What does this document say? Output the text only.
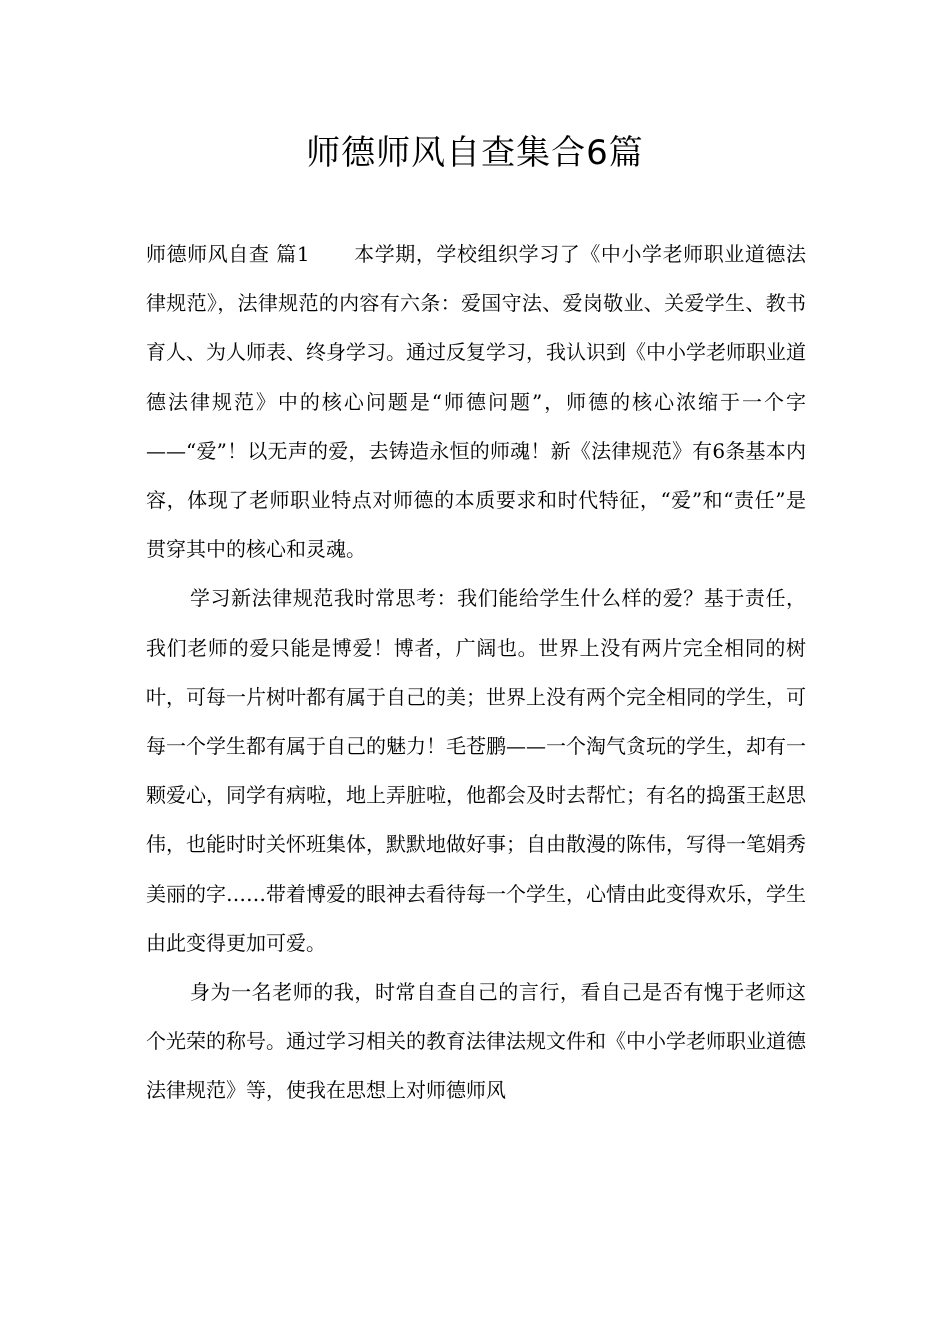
师德师风自查集合6篇

师德师风自查 篇1 本学期，学校组织学习了《中小学老师职业道德法律规范》，法律规范的内容有六条：爱国守法、爱岗敬业、关爱学生、教书育人、为人师表、终身学习。通过反复学习，我认识到《中小学老师职业道德法律规范》中的核心问题是“师德问题”，师德的核心浓缩于一个字——“爱”！以无声的爱，去铸造永恒的师魂！新《法律规范》有6条基本内容，体现了老师职业特点对师德的本质要求和时代特征，“爱”和“责任”是贯穿其中的核心和灵魂。

学习新法律规范我时常思考：我们能给学生什么样的爱？基于责任，我们老师的爱只能是博爱！博者，广阔也。世界上没有两片完全相同的树叶，可每一片树叶都有属于自己的美；世界上没有两个完全相同的学生，可每一个学生都有属于自己的魅力！毛苍鹏——一个淘气贪玩的学生，却有一颗爱心，同学有病啦，地上弄脏啦，他都会及时去帮忙；有名的捣蛋王赵思伟，也能时时关怀班集体，默默地做好事；自由散漫的陈伟，写得一笔娟秀美丽的字……带着博爱的眼神去看待每一个学生，心情由此变得欢乐，学生由此变得更加可爱。

身为一名老师的我，时常自查自己的言行，看自己是否有愧于老师这个光荣的称号。通过学习相关的教育法律法规文件和《中小学老师职业道德法律规范》等，使我在思想上对师德师风
